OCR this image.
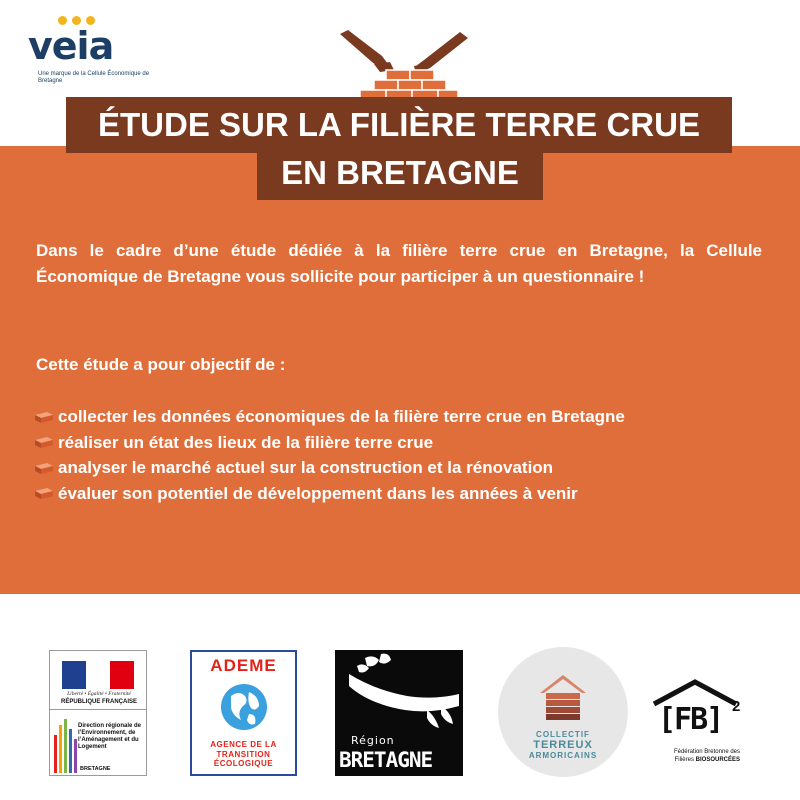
veia
Une marque de la Cellule Économique de Bretagne
ÉTUDE SUR LA FILIÈRE TERRE CRUE
EN BRETAGNE

Dans le cadre d’une étude dédiée à la filière terre crue en Bretagne, la Cellule Économique de Bretagne vous sollicite pour participer à un questionnaire !

Cette étude a pour objectif de :
collecter les données économiques de la filière terre crue en Bretagne
réaliser un état des lieux de la filière terre crue
analyser le marché actuel sur la construction et la rénovation
évaluer son potentiel de développement dans les années à venir
Liberté • Égalité • Fraternité
RÉPUBLIQUE FRANÇAISE
Direction régionale de l’Environnement, de l’Aménagement et du Logement
BRETAGNE
ADEME
AGENCE DE LA
TRANSITION
ÉCOLOGIQUE
Région
BRETAGNE
COLLECTIF
TERREUX
ARMORICAINS
[FB] 2
Fédération Bretonne des
Filières BIOSOURCÉES
